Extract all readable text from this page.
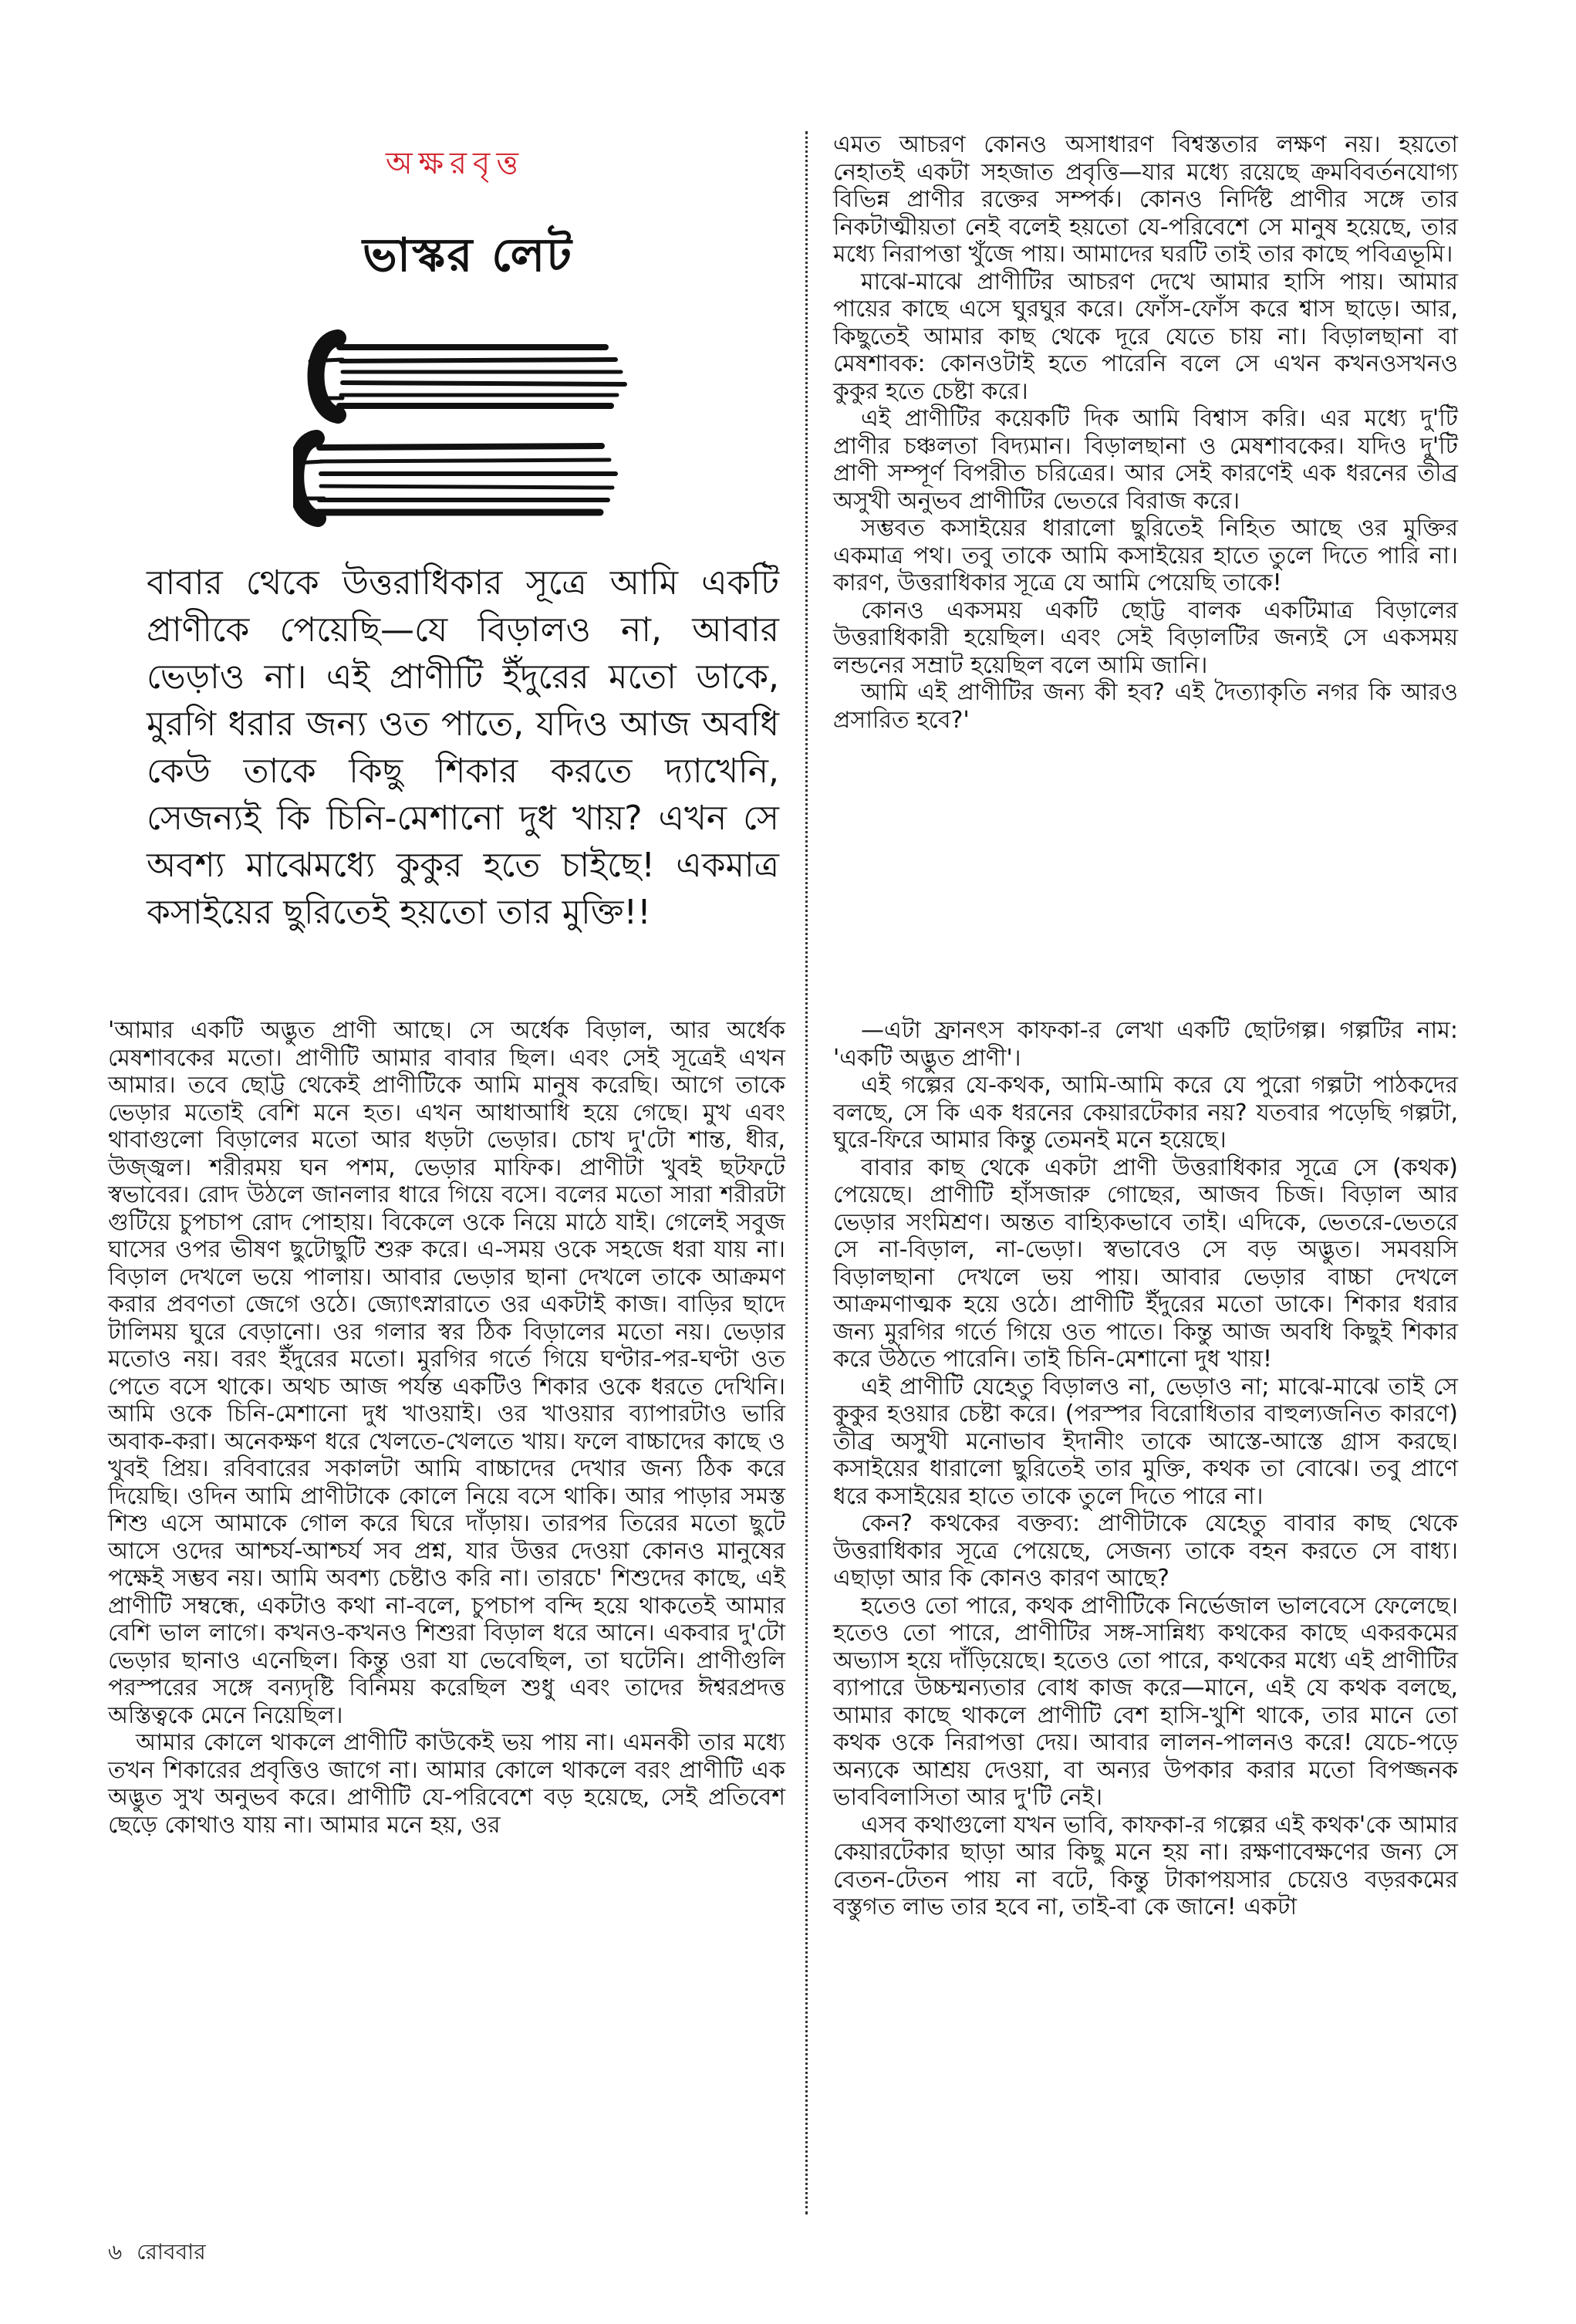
অক্ষরবৃত্ত
ভাস্কর লেট
বাবার থেকে উত্তরাধিকার সূত্রে আমি একটি প্রাণীকে পেয়েছি—যে বিড়ালও না, আবার ভেড়াও না। এই প্রাণীটি ইঁদুরের মতো ডাকে, মুরগি ধরার জন্য ওত পাতে, যদিও আজ অবধি কেউ তাকে কিছু শিকার করতে দ্যাখেনি, সেজন্যই কি চিনি-মেশানো দুধ খায়? এখন সে অবশ্য মাঝেমধ্যে কুকুর হতে চাইছে! একমাত্র কসাইয়ের ছুরিতেই হয়তো তার মুক্তি!!

এমত আচরণ কোনও অসাধারণ বিশ্বস্ততার লক্ষণ নয়। হয়তো নেহাতই একটা সহজাত প্রবৃত্তি—যার মধ্যে রয়েছে ক্রমবিবর্তনযোগ্য বিভিন্ন প্রাণীর রক্তের সম্পর্ক। কোনও নির্দিষ্ট প্রাণীর সঙ্গে তার নিকটাত্মীয়তা নেই বলেই হয়তো যে-পরিবেশে সে মানুষ হয়েছে, তার মধ্যে নিরাপত্তা খুঁজে পায়। আমাদের ঘরটি তাই তার কাছে পবিত্রভূমি।

মাঝে-মাঝে প্রাণীটির আচরণ দেখে আমার হাসি পায়। আমার পায়ের কাছে এসে ঘুরঘুর করে। ফোঁস-ফোঁস করে শ্বাস ছাড়ে। আর, কিছুতেই আমার কাছ থেকে দূরে যেতে চায় না। বিড়ালছানা বা মেষশাবক: কোনওটাই হতে পারেনি বলে সে এখন কখনওসখনও কুকুর হতে চেষ্টা করে।

এই প্রাণীটির কয়েকটি দিক আমি বিশ্বাস করি। এর মধ্যে দু'টি প্রাণীর চঞ্চলতা বিদ্যমান। বিড়ালছানা ও মেষশাবকের। যদিও দু'টি প্রাণী সম্পূর্ণ বিপরীত চরিত্রের। আর সেই কারণেই এক ধরনের তীব্র অসুখী অনুভব প্রাণীটির ভেতরে বিরাজ করে।

সম্ভবত কসাইয়ের ধারালো ছুরিতেই নিহিত আছে ওর মুক্তির একমাত্র পথ। তবু তাকে আমি কসাইয়ের হাতে তুলে দিতে পারি না। কারণ, উত্তরাধিকার সূত্রে যে আমি পেয়েছি তাকে!

কোনও একসময় একটি ছোট্ট বালক একটিমাত্র বিড়ালের উত্তরাধিকারী হয়েছিল। এবং সেই বিড়ালটির জন্যই সে একসময় লন্ডনের সম্রাট হয়েছিল বলে আমি জানি।

আমি এই প্রাণীটির জন্য কী হব? এই দৈত্যাকৃতি নগর কি আরও প্রসারিত হবে?'

'আমার একটি অদ্ভুত প্রাণী আছে। সে অর্ধেক বিড়াল, আর অর্ধেক মেষশাবকের মতো। প্রাণীটি আমার বাবার ছিল। এবং সেই সূত্রেই এখন আমার। তবে ছোট্ট থেকেই প্রাণীটিকে আমি মানুষ করেছি। আগে তাকে ভেড়ার মতোই বেশি মনে হত। এখন আধাআধি হয়ে গেছে। মুখ এবং থাবাগুলো বিড়ালের মতো আর ধড়টা ভেড়ার। চোখ দু'টো শান্ত, ধীর, উজ্জ্বল। শরীরময় ঘন পশম, ভেড়ার মাফিক। প্রাণীটা খুবই ছটফটে স্বভাবের। রোদ উঠলে জানলার ধারে গিয়ে বসে। বলের মতো সারা শরীরটা গুটিয়ে চুপচাপ রোদ পোহায়। বিকেলে ওকে নিয়ে মাঠে যাই। গেলেই সবুজ ঘাসের ওপর ভীষণ ছুটোছুটি শুরু করে। এ-সময় ওকে সহজে ধরা যায় না। বিড়াল দেখলে ভয়ে পালায়। আবার ভেড়ার ছানা দেখলে তাকে আক্রমণ করার প্রবণতা জেগে ওঠে। জ্যোৎস্নারাতে ওর একটাই কাজ। বাড়ির ছাদে টালিময় ঘুরে বেড়ানো। ওর গলার স্বর ঠিক বিড়ালের মতো নয়। ভেড়ার মতোও নয়। বরং ইঁদুরের মতো। মুরগির গর্তে গিয়ে ঘণ্টার-পর-ঘণ্টা ওত পেতে বসে থাকে। অথচ আজ পর্যন্ত একটিও শিকার ওকে ধরতে দেখিনি। আমি ওকে চিনি-মেশানো দুধ খাওয়াই। ওর খাওয়ার ব্যাপারটাও ভারি অবাক-করা। অনেকক্ষণ ধরে খেলতে-খেলতে খায়। ফলে বাচ্চাদের কাছে ও খুবই প্রিয়। রবিবারের সকালটা আমি বাচ্চাদের দেখার জন্য ঠিক করে দিয়েছি। ওদিন আমি প্রাণীটাকে কোলে নিয়ে বসে থাকি। আর পাড়ার সমস্ত শিশু এসে আমাকে গোল করে ঘিরে দাঁড়ায়। তারপর তিরের মতো ছুটে আসে ওদের আশ্চর্য-আশ্চর্য সব প্রশ্ন, যার উত্তর দেওয়া কোনও মানুষের পক্ষেই সম্ভব নয়। আমি অবশ্য চেষ্টাও করি না। তারচে' শিশুদের কাছে, এই প্রাণীটি সম্বন্ধে, একটাও কথা না-বলে, চুপচাপ বন্দি হয়ে থাকতেই আমার বেশি ভাল লাগে। কখনও-কখনও শিশুরা বিড়াল ধরে আনে। একবার দু'টো ভেড়ার ছানাও এনেছিল। কিন্তু ওরা যা ভেবেছিল, তা ঘটেনি। প্রাণীগুলি পরস্পরের সঙ্গে বন্যদৃষ্টি বিনিময় করেছিল শুধু এবং তাদের ঈশ্বরপ্রদত্ত অস্তিত্বকে মেনে নিয়েছিল।

আমার কোলে থাকলে প্রাণীটি কাউকেই ভয় পায় না। এমনকী তার মধ্যে তখন শিকারের প্রবৃত্তিও জাগে না। আমার কোলে থাকলে বরং প্রাণীটি এক অদ্ভুত সুখ অনুভব করে। প্রাণীটি যে-পরিবেশে বড় হয়েছে, সেই প্রতিবেশ ছেড়ে কোথাও যায় না। আমার মনে হয়, ওর

—এটা ফ্রানৎস কাফকা-র লেখা একটি ছোটগল্প। গল্পটির নাম: 'একটি অদ্ভুত প্রাণী'।

এই গল্পের যে-কথক, আমি-আমি করে যে পুরো গল্পটা পাঠকদের বলছে, সে কি এক ধরনের কেয়ারটেকার নয়? যতবার পড়েছি গল্পটা, ঘুরে-ফিরে আমার কিন্তু তেমনই মনে হয়েছে।

বাবার কাছ থেকে একটা প্রাণী উত্তরাধিকার সূত্রে সে (কথক) পেয়েছে। প্রাণীটি হাঁসজারু গোছের, আজব চিজ। বিড়াল আর ভেড়ার সংমিশ্রণ। অন্তত বাহ্যিকভাবে তাই। এদিকে, ভেতরে-ভেতরে সে না-বিড়াল, না-ভেড়া। স্বভাবেও সে বড় অদ্ভুত। সমবয়সি বিড়ালছানা দেখলে ভয় পায়। আবার ভেড়ার বাচ্চা দেখলে আক্রমণাত্মক হয়ে ওঠে। প্রাণীটি ইঁদুরের মতো ডাকে। শিকার ধরার জন্য মুরগির গর্তে গিয়ে ওত পাতে। কিন্তু আজ অবধি কিছুই শিকার করে উঠতে পারেনি। তাই চিনি-মেশানো দুধ খায়!

এই প্রাণীটি যেহেতু বিড়ালও না, ভেড়াও না; মাঝে-মাঝে তাই সে কুকুর হওয়ার চেষ্টা করে। (পরস্পর বিরোধিতার বাহুল্যজনিত কারণে) তীব্র অসুখী মনোভাব ইদানীং তাকে আস্তে-আস্তে গ্রাস করছে। কসাইয়ের ধারালো ছুরিতেই তার মুক্তি, কথক তা বোঝে। তবু প্রাণে ধরে কসাইয়ের হাতে তাকে তুলে দিতে পারে না।

কেন? কথকের বক্তব্য: প্রাণীটাকে যেহেতু বাবার কাছ থেকে উত্তরাধিকার সূত্রে পেয়েছে, সেজন্য তাকে বহন করতে সে বাধ্য। এছাড়া আর কি কোনও কারণ আছে?

হতেও তো পারে, কথক প্রাণীটিকে নির্ভেজাল ভালবেসে ফেলেছে। হতেও তো পারে, প্রাণীটির সঙ্গ-সান্নিধ্য কথকের কাছে একরকমের অভ্যাস হয়ে দাঁড়িয়েছে। হতেও তো পারে, কথকের মধ্যে এই প্রাণীটির ব্যাপারে উচ্চম্মন্যতার বোধ কাজ করে—মানে, এই যে কথক বলছে, আমার কাছে থাকলে প্রাণীটি বেশ হাসি-খুশি থাকে, তার মানে তো কথক ওকে নিরাপত্তা দেয়। আবার লালন-পালনও করে! যেচে-পড়ে অন্যকে আশ্রয় দেওয়া, বা অন্যর উপকার করার মতো বিপজ্জনক ভাববিলাসিতা আর দু'টি নেই।

এসব কথাগুলো যখন ভাবি, কাফকা-র গল্পের এই কথক'কে আমার কেয়ারটেকার ছাড়া আর কিছু মনে হয় না। রক্ষণাবেক্ষণের জন্য সে বেতন-টেতন পায় না বটে, কিন্তু টাকাপয়সার চেয়েও বড়রকমের বস্তুগত লাভ তার হবে না, তাই-বা কে জানে! একটা

৬ রোববার
